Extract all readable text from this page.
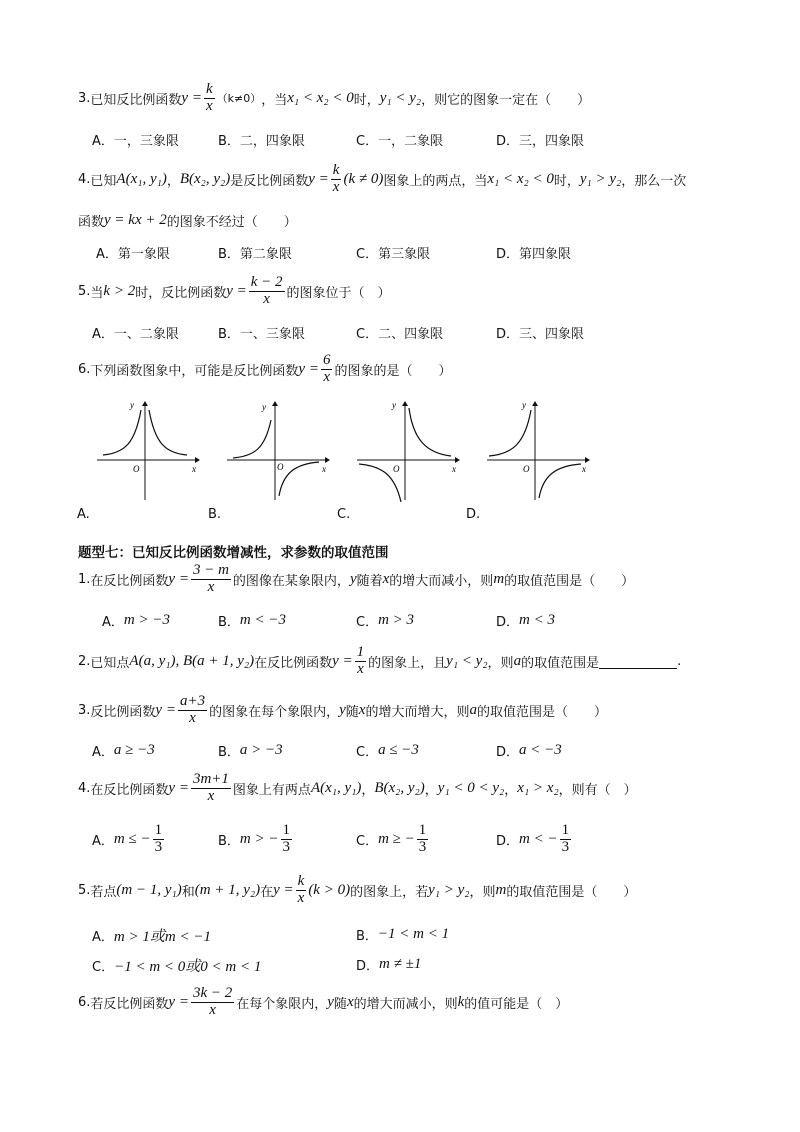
3. 已知反比例函数 $y = \frac{k}{x} (k\ne 0)$ ，当 x₁ < x₂ < 0 时， y₁ < y₂ ，则它的图象一定在（　　）
A．一，三象限	B．二，四象限	C．一，二象限	D．三，四象限
4. 已知 A(x₁, y₁) ， B(x₂, y₂) 是反比例函数 $y = \frac{k}{x} (k \ne 0)$ 图象上的两点，当 x₁ < x₂ < 0 时， y₁ > y₂ ，那么一次
函数 y = kx + 2 的图象不经过（　　）
A．第一象限	B．第二象限	C．第三象限	D．第四象限
5. 当 k > 2 时，反比例函数 $y = \frac{k - 2}{x}$ 的图象位于（　）
A．一、二象限	B．一、三象限	C．二、四象限	D．三、四象限
6. 下列函数图象中，可能是反比例函数 $y = \frac{6}{x}$ 的图象的是（　　）
y
x
O
y
x
O
y
x
O
y
x
O
A.	B.	C.	D.
题型七：已知反比例函数增减性，求参数的取值范围
1. 在反比例函数 $y = \frac{3 - m}{x}$ 的图像在某象限内， y 随着 x 的增大而减小，则 m 的取值范围是（　　）
A． m > −3	B． m < −3	C． m > 3	D． m < 3
2. 已知点 A(a, y₁), B(a + 1, y₂) 在反比例函数 $y = \frac{1}{x}$ 的图象上，且 y₁ < y₂ ，则 a 的取值范围是	.
3. 反比例函数 $y = \frac{a+3}{x}$ 的图象在每个象限内， y 随 x 的增大而增大，则 a 的取值范围是（　　）
A． a ≥ −3	B． a > −3	C． a ≤ −3	D． a < −3
4. 在反比例函数 $y = \frac{3m+1}{x}$ 图象上有两点 A(x₁, y₁) ， B(x₂, y₂) ， y₁ < 0 < y₂ ， x₁ > x₂ ，则有（　）
A． m ≤ − $\frac{1}{3}$	B． m > − $\frac{1}{3}$	C． m ≥ − $\frac{1}{3}$	D． m < − $\frac{1}{3}$
5. 若点 (m − 1, y₁) 和 (m + 1, y₂) 在 $y = \frac{k}{x} (k > 0)$ 的图象上，若 y₁ > y₂ ，则 m 的取值范围是（　　）
A． m > 1或m < −1	B． −1 < m < 1
C． −1 < m < 0或0 < m < 1	D． m ≠ ±1
6. 若反比例函数 $y = \frac{3k - 2}{x}$ 在每个象限内， y 随 x 的增大而减小，则 k 的值可能是（　）
